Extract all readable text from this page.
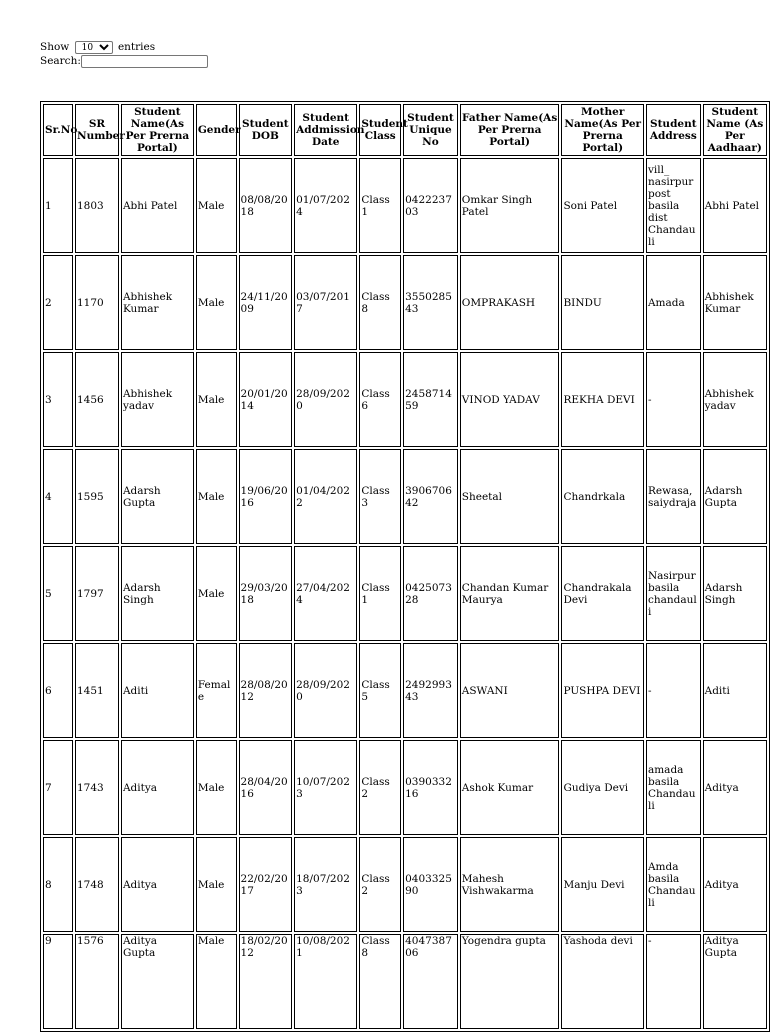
Show
10	entries
Search:
Sr.No	SR Number	Student Name(As Per Prerna Portal)	Gender	Student DOB	Student Addmission Date	Student Class	Student Unique No	Father Name(As Per Prerna Portal)	Mother Name(As Per Prerna Portal)	Student Address	Student Name (As Per Aadhaar)
1	1803	Abhi Patel	Male	08/08/2018	01/07/2024	Class 1	042223703	Omkar Singh Patel	Soni Patel	vill_ nasirpur post basila dist Chandauli	Abhi Patel
2	1170	Abhishek Kumar	Male	24/11/2009	03/07/2017	Class 8	355028543	OMPRAKASH	BINDU	Amada	Abhishek Kumar
3	1456	Abhishek yadav	Male	20/01/2014	28/09/2020	Class 6	245871459	VINOD YADAV	REKHA DEVI	-	Abhishek yadav
4	1595	Adarsh Gupta	Male	19/06/2016	01/04/2022	Class 3	390670642	Sheetal	Chandrkala	Rewasa, saiydraja	Adarsh Gupta
5	1797	Adarsh Singh	Male	29/03/2018	27/04/2024	Class 1	042507328	Chandan Kumar Maurya	Chandrakala Devi	Nasirpur basila chandauli	Adarsh Singh
6	1451	Aditi	Female	28/08/2012	28/09/2020	Class 5	249299343	ASWANI	PUSHPA DEVI	-	Aditi
7	1743	Aditya	Male	28/04/2016	10/07/2023	Class 2	039033216	Ashok Kumar	Gudiya Devi	amada basila Chandauli	Aditya
8	1748	Aditya	Male	22/02/2017	18/07/2023	Class 2	040332590	Mahesh Vishwakarma	Manju Devi	Amda basila Chandauli	Aditya
9	1576	Aditya Gupta	Male	18/02/2012	10/08/2021	Class 8	404738706	Yogendra gupta	Yashoda devi	-	Aditya Gupta
